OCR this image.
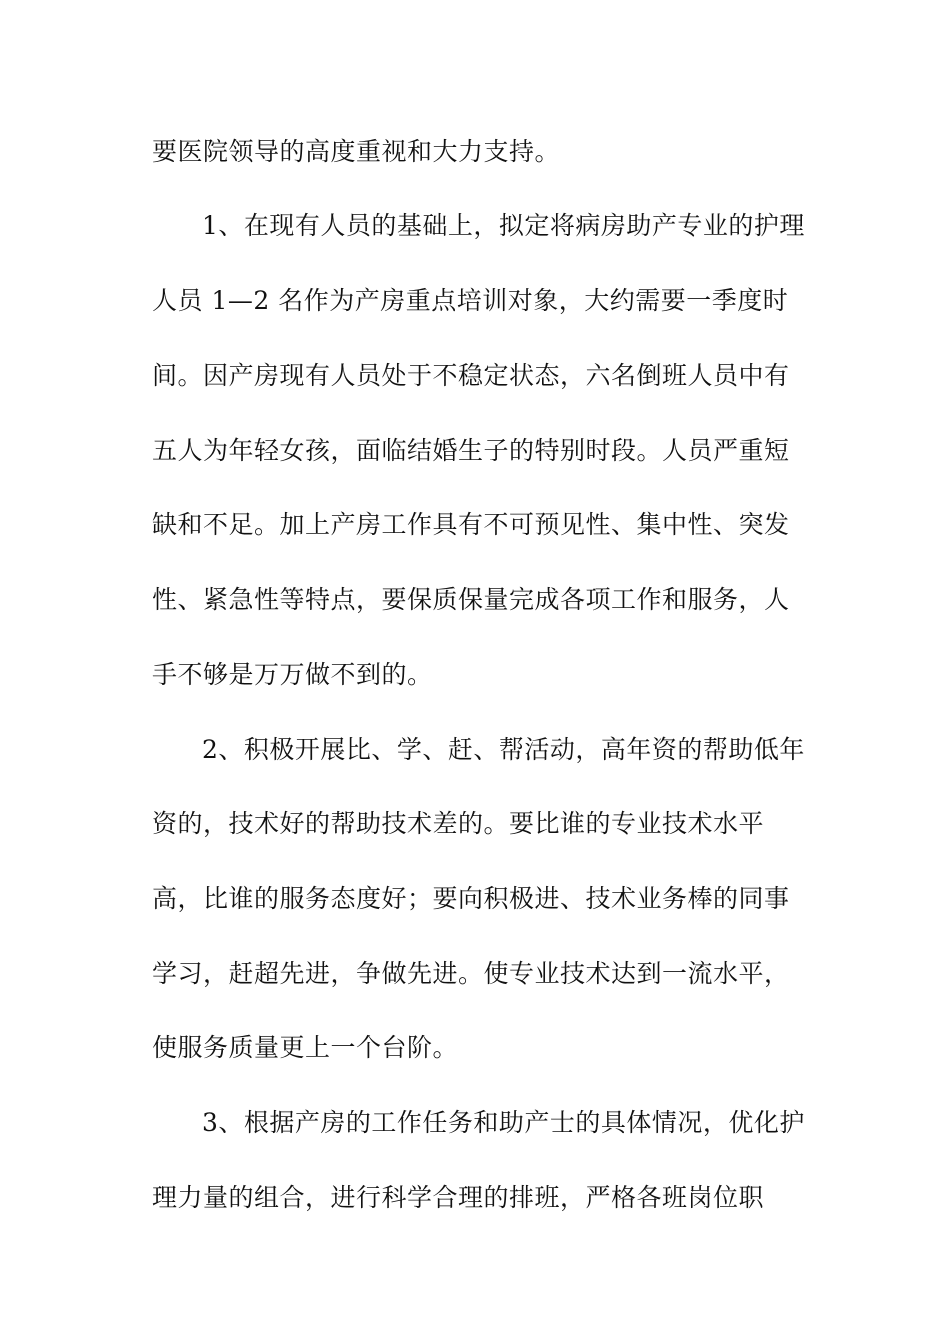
要医院领导的高度重视和大力支持。
1、在现有人员的基础上，拟定将病房助产专业的护理
人员 1—2 名作为产房重点培训对象，大约需要一季度时
间。因产房现有人员处于不稳定状态，六名倒班人员中有
五人为年轻女孩，面临结婚生子的特别时段。人员严重短
缺和不足。加上产房工作具有不可预见性、集中性、突发
性、紧急性等特点，要保质保量完成各项工作和服务，人
手不够是万万做不到的。
2、积极开展比、学、赶、帮活动，高年资的帮助低年
资的，技术好的帮助技术差的。要比谁的专业技术水平
高，比谁的服务态度好；要向积极进、技术业务棒的同事
学习，赶超先进，争做先进。使专业技术达到一流水平，
使服务质量更上一个台阶。
3、根据产房的工作任务和助产士的具体情况，优化护
理力量的组合，进行科学合理的排班，严格各班岗位职
